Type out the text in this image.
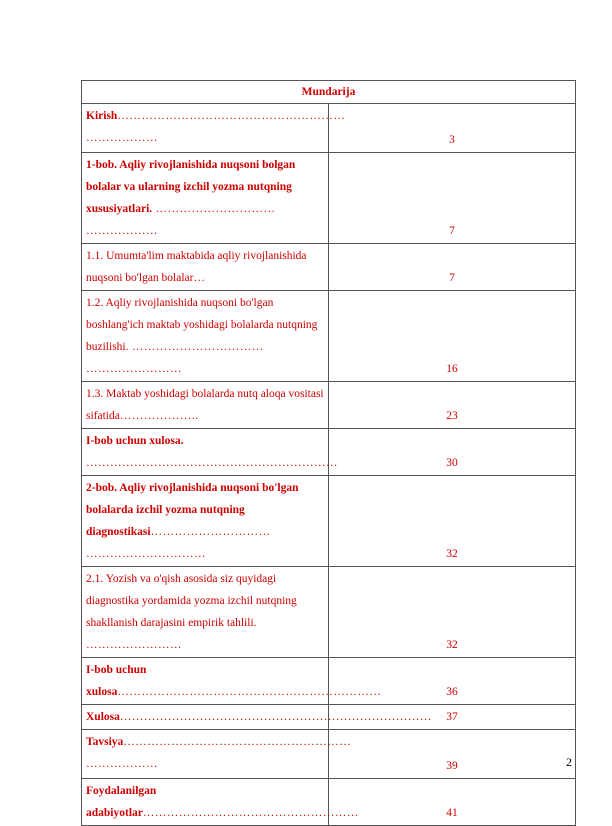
Mundarija	
Kirish………………………………………………… ………………	3
1-bob. Aqliy rivojlanishida nuqsoni bolgan bolalar va ularning izchil yozma nutqning xususiyatlari. ………………………… ………………	7
1.1. Umumta'lim maktabida aqliy rivojlanishida nuqsoni bo'lgan bolalar…	7
1.2. Aqliy rivojlanishida nuqsoni bo'lgan boshlang'ich maktab yoshidagi bolalarda nutqning buzilishi. …………………………… ……………………	16
1.3. Maktab yoshidagi bolalarda nutq aloqa vositasi sifatida………………..	23
I-bob uchun xulosa. ………………………………………………………	30
2-bob. Aqliy rivojlanishida nuqsoni bo'lgan bolalarda izchil yozma nutqning diagnostikasi………………………… …………………………	32
2.1. Yozish va o'qish asosida siz quyidagi diagnostika yordamida yozma izchil nutqning shakllanish darajasini empirik tahlili. ……………………	32
I-bob uchun xulosa…………………………………………………………	36
Xulosa……………………………………………………………………	37
Tavsiya………………………………………………… ………………	39
Foydalanilgan adabiyotlar………………………………………………	41
2
